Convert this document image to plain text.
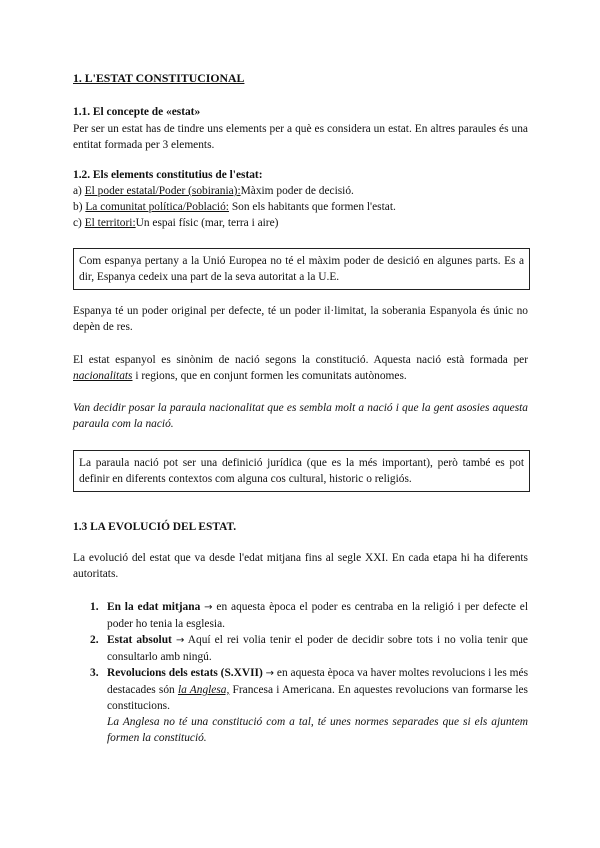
1. L'ESTAT CONSTITUCIONAL
1.1. El concepte de «estat»
Per ser un estat has de tindre uns elements per a què es considera un estat. En altres paraules és una entitat formada per 3 elements.
1.2. Els elements constitutius de l'estat:
a) El poder estatal/Poder (sobirania):Màxim poder de decisió.
b) La comunitat política/Població: Son els habitants que formen l'estat.
c) El territori:Un espai físic (mar, terra i aire)
Com espanya pertany a la Unió Europea no té el màxim poder de desició en algunes parts. Es a dir, Espanya cedeix una part de la seva autoritat a la U.E.
Espanya té un poder original per defecte, té un poder il·limitat, la soberania Espanyola és únic no depèn de res.
El estat espanyol es sinònim de nació segons la constitució. Aquesta nació està formada per nacionalitats i regions, que en conjunt formen les comunitats autònomes.
Van decidir posar la paraula nacionalitat que es sembla molt a nació i que la gent asosies aquesta paraula com la nació.
La paraula nació pot ser una definició jurídica (que es la més important), però també es pot definir en diferents contextos com alguna cos cultural, historic o religiós.
1.3 LA EVOLUCIÓ DEL ESTAT.
La evolució del estat que va desde l'edat mitjana fins al segle XXI. En cada etapa hi ha diferents autoritats.
1. En la edat mitjana → en aquesta època el poder es centraba en la religió i per defecte el poder ho tenia la esglesia.
2. Estat absolut → Aquí el rei volia tenir el poder de decidir sobre tots i no volia tenir que consultarlo amb ningú.
3. Revolucions dels estats (S.XVII) → en aquesta època va haver moltes revolucions i les més destacades són la Anglesa, Francesa i Americana. En aquestes revolucions van formarse les constitucions.
La Anglesa no té una constitució com a tal, té unes normes separades que si els ajuntem formen la constitució.
